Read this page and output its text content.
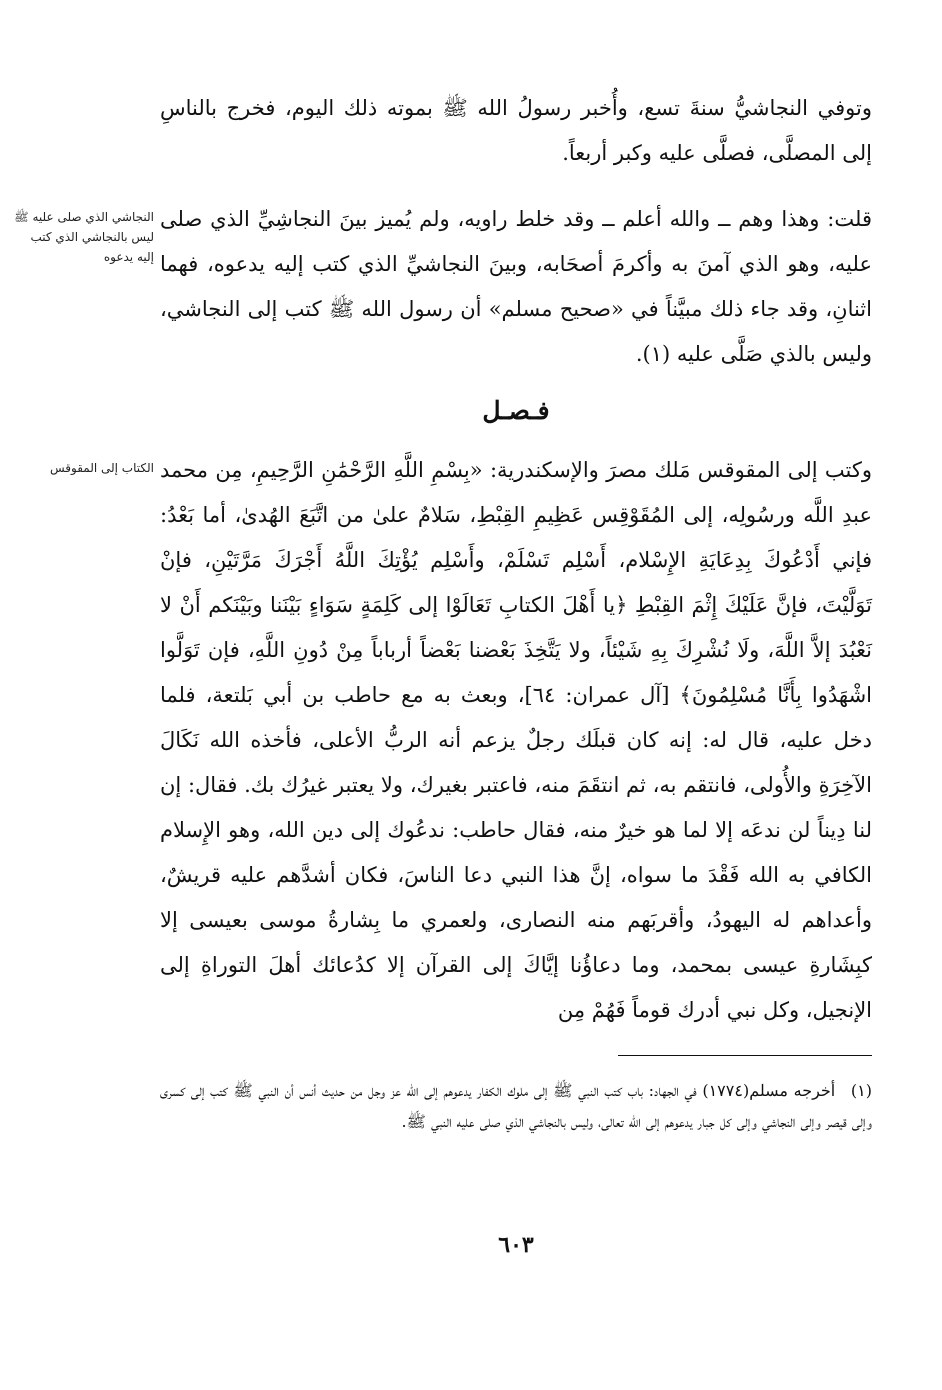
وتوفي النجاشيُّ سنةَ تسع، وأُخبر رسولُ الله ﷺ بموته ذلك اليوم، فخرج بالناسِ إلى المصلَّى، فصلَّى عليه وكبر أربعاً.

النجاشي الذي صلى عليه ﷺ ليس بالنجاشي الذي كتب إليه يدعوه

قلت: وهذا وهم ــ والله أعلم ــ وقد خلط راويه، ولم يُميز بينَ النجاشِيِّ الذي صلى عليه، وهو الذي آمنَ به وأكرمَ أصحَابه، وبينَ النجاشيِّ الذي كتب إليه يدعوه، فهما اثنانِ، وقد جاء ذلك مبيَّناً في «صحيح مسلم» أن رسول الله ﷺ كتب إلى النجاشي، وليس بالذي صَلَّى عليه (١).

فـصـل
الكتاب إلى المقوقس وكتب إلى المقوقس مَلك مصرَ والإسكندرية: «بِسْمِ اللَّهِ الرَّحْمَٰنِ الرَّحِيمِ، مِن محمد عبدِ اللَّه ورسُولِه، إلى المُقَوْقِس عَظِيمِ القِبْطِ، سَلامٌ علىٰ من اتَّبَعَ الهُدىٰ، أما بَعْدُ: فإني أَدْعُوكَ بِدِعَايَةِ الإِسْلام، أَسْلِم تَسْلَمْ، وأَسْلِم يُؤْتِكَ اللَّهُ أَجْرَكَ مَرَّتَيْنِ، فإنْ تَوَلَّيْتَ، فإنَّ عَلَيْكَ إِثْمَ القِبْطِ ﴿يا أَهْلَ الكتابِ تَعَالَوْا إلى كَلِمَةٍ سَوَاءٍ بَيْنَنا وبَيْنَكم أَنْ لا نَعْبُدَ إلاَّ اللَّهَ، ولَا نُشْرِكَ بِهِ شَيْئاً، ولا يَتَّخِذَ بَعْضنا بَعْضاً أرباباً مِنْ دُونِ اللَّهِ، فإن تَوَلَّوا اشْهَدُوا بِأَنَّا مُسْلِمُونَ﴾ [آل عمران: ٦٤]، وبعث به مع حاطب بن أبي بَلتعة، فلما دخل عليه، قال له: إنه كان قبلَك رجلٌ يزعم أنه الربُّ الأعلى، فأخذه الله نَكَالَ الآخِرَةِ والأُولى، فانتقم به، ثم انتقَمَ منه، فاعتبر بغيرك، ولا يعتبر غيرُك بك. فقال: إن لنا دِيناً لن ندعَه إلا لما هو خيرٌ منه، فقال حاطب: ندعُوك إلى دين الله، وهو الإِسلام الكافي به الله فَقْدَ ما سواه، إنَّ هذا النبي دعا الناسَ، فكان أشدَّهم عليه قريشٌ، وأعداهم له اليهودُ، وأقربَهم منه النصارى، ولعمري ما بِشارةُ موسى بعيسى إلا كبِشَارةِ عيسى بمحمد، وما دعاؤُنا إيَّاكَ إلى القرآن إلا كدُعائك أهلَ التوراةِ إلى الإنجيل، وكل نبي أدرك قوماً فَهُمْ مِن

(١) أخرجه مسلم(١٧٧٤) في الجهاد: باب كتب النبي ﷺ إلى ملوك الكفار يدعوهم إلى الله عز وجل من حديث أنس أن النبي ﷺ كتب إلى كسرى وإلى قيصر وإلى النجاشي وإلى كل جبار يدعوهم إلى الله تعالى، وليس بالنجاشي الذي صلى عليه النبي ﷺ.

٦٠٣
